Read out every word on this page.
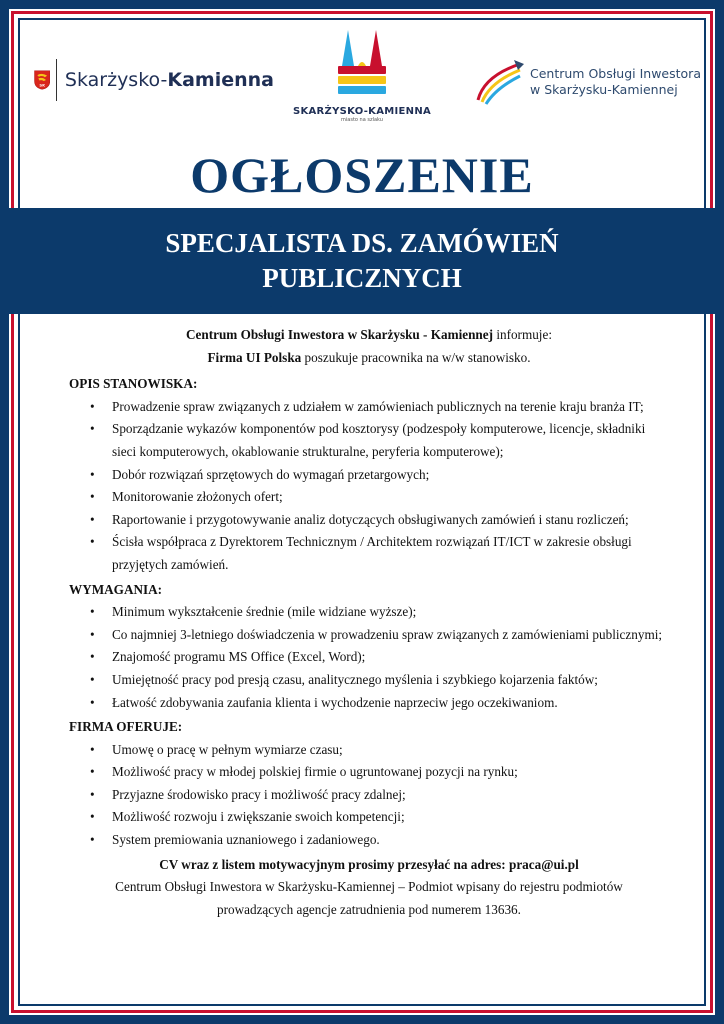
SK Skarżysko-Kamienna
SKARŻYSKO-KAMIENNA
miasto na szlaku
Centrum Obsługi Inwestora
w Skarżysku-Kamiennej
OGŁOSZENIE
SPECJALISTA DS. ZAMÓWIEŃ PUBLICZNYCH
Centrum Obsługi Inwestora w Skarżysku - Kamiennej informuje:
Firma UI Polska poszukuje pracownika na w/w stanowisko.
OPIS STANOWISKA:
• Prowadzenie spraw związanych z udziałem w zamówieniach publicznych na terenie kraju branża IT;
• Sporządzanie wykazów komponentów pod kosztorysy (podzespoły komputerowe, licencje, składniki sieci komputerowych, okablowanie strukturalne, peryferia komputerowe);
• Dobór rozwiązań sprzętowych do wymagań przetargowych;
• Monitorowanie złożonych ofert;
• Raportowanie i przygotowywanie analiz dotyczących obsługiwanych zamówień i stanu rozliczeń;
• Ścisła współpraca z Dyrektorem Technicznym / Architektem rozwiązań IT/ICT w zakresie obsługi przyjętych zamówień.
WYMAGANIA:
• Minimum wykształcenie średnie (mile widziane wyższe);
• Co najmniej 3-letniego doświadczenia w prowadzeniu spraw związanych z zamówieniami publicznymi;
• Znajomość programu MS Office (Excel, Word);
• Umiejętność pracy pod presją czasu, analitycznego myślenia i szybkiego kojarzenia faktów;
• Łatwość zdobywania zaufania klienta i wychodzenie naprzeciw jego oczekiwaniom.
FIRMA OFERUJE:
• Umowę o pracę w pełnym wymiarze czasu;
• Możliwość pracy w młodej polskiej firmie o ugruntowanej pozycji na rynku;
• Przyjazne środowisko pracy i możliwość pracy zdalnej;
• Możliwość rozwoju i zwiększanie swoich kompetencji;
• System premiowania uznaniowego i zadaniowego.
CV wraz z listem motywacyjnym prosimy przesyłać na adres: praca@ui.pl
Centrum Obsługi Inwestora w Skarżysku-Kamiennej – Podmiot wpisany do rejestru podmiotów prowadzących agencje zatrudnienia pod numerem 13636.
